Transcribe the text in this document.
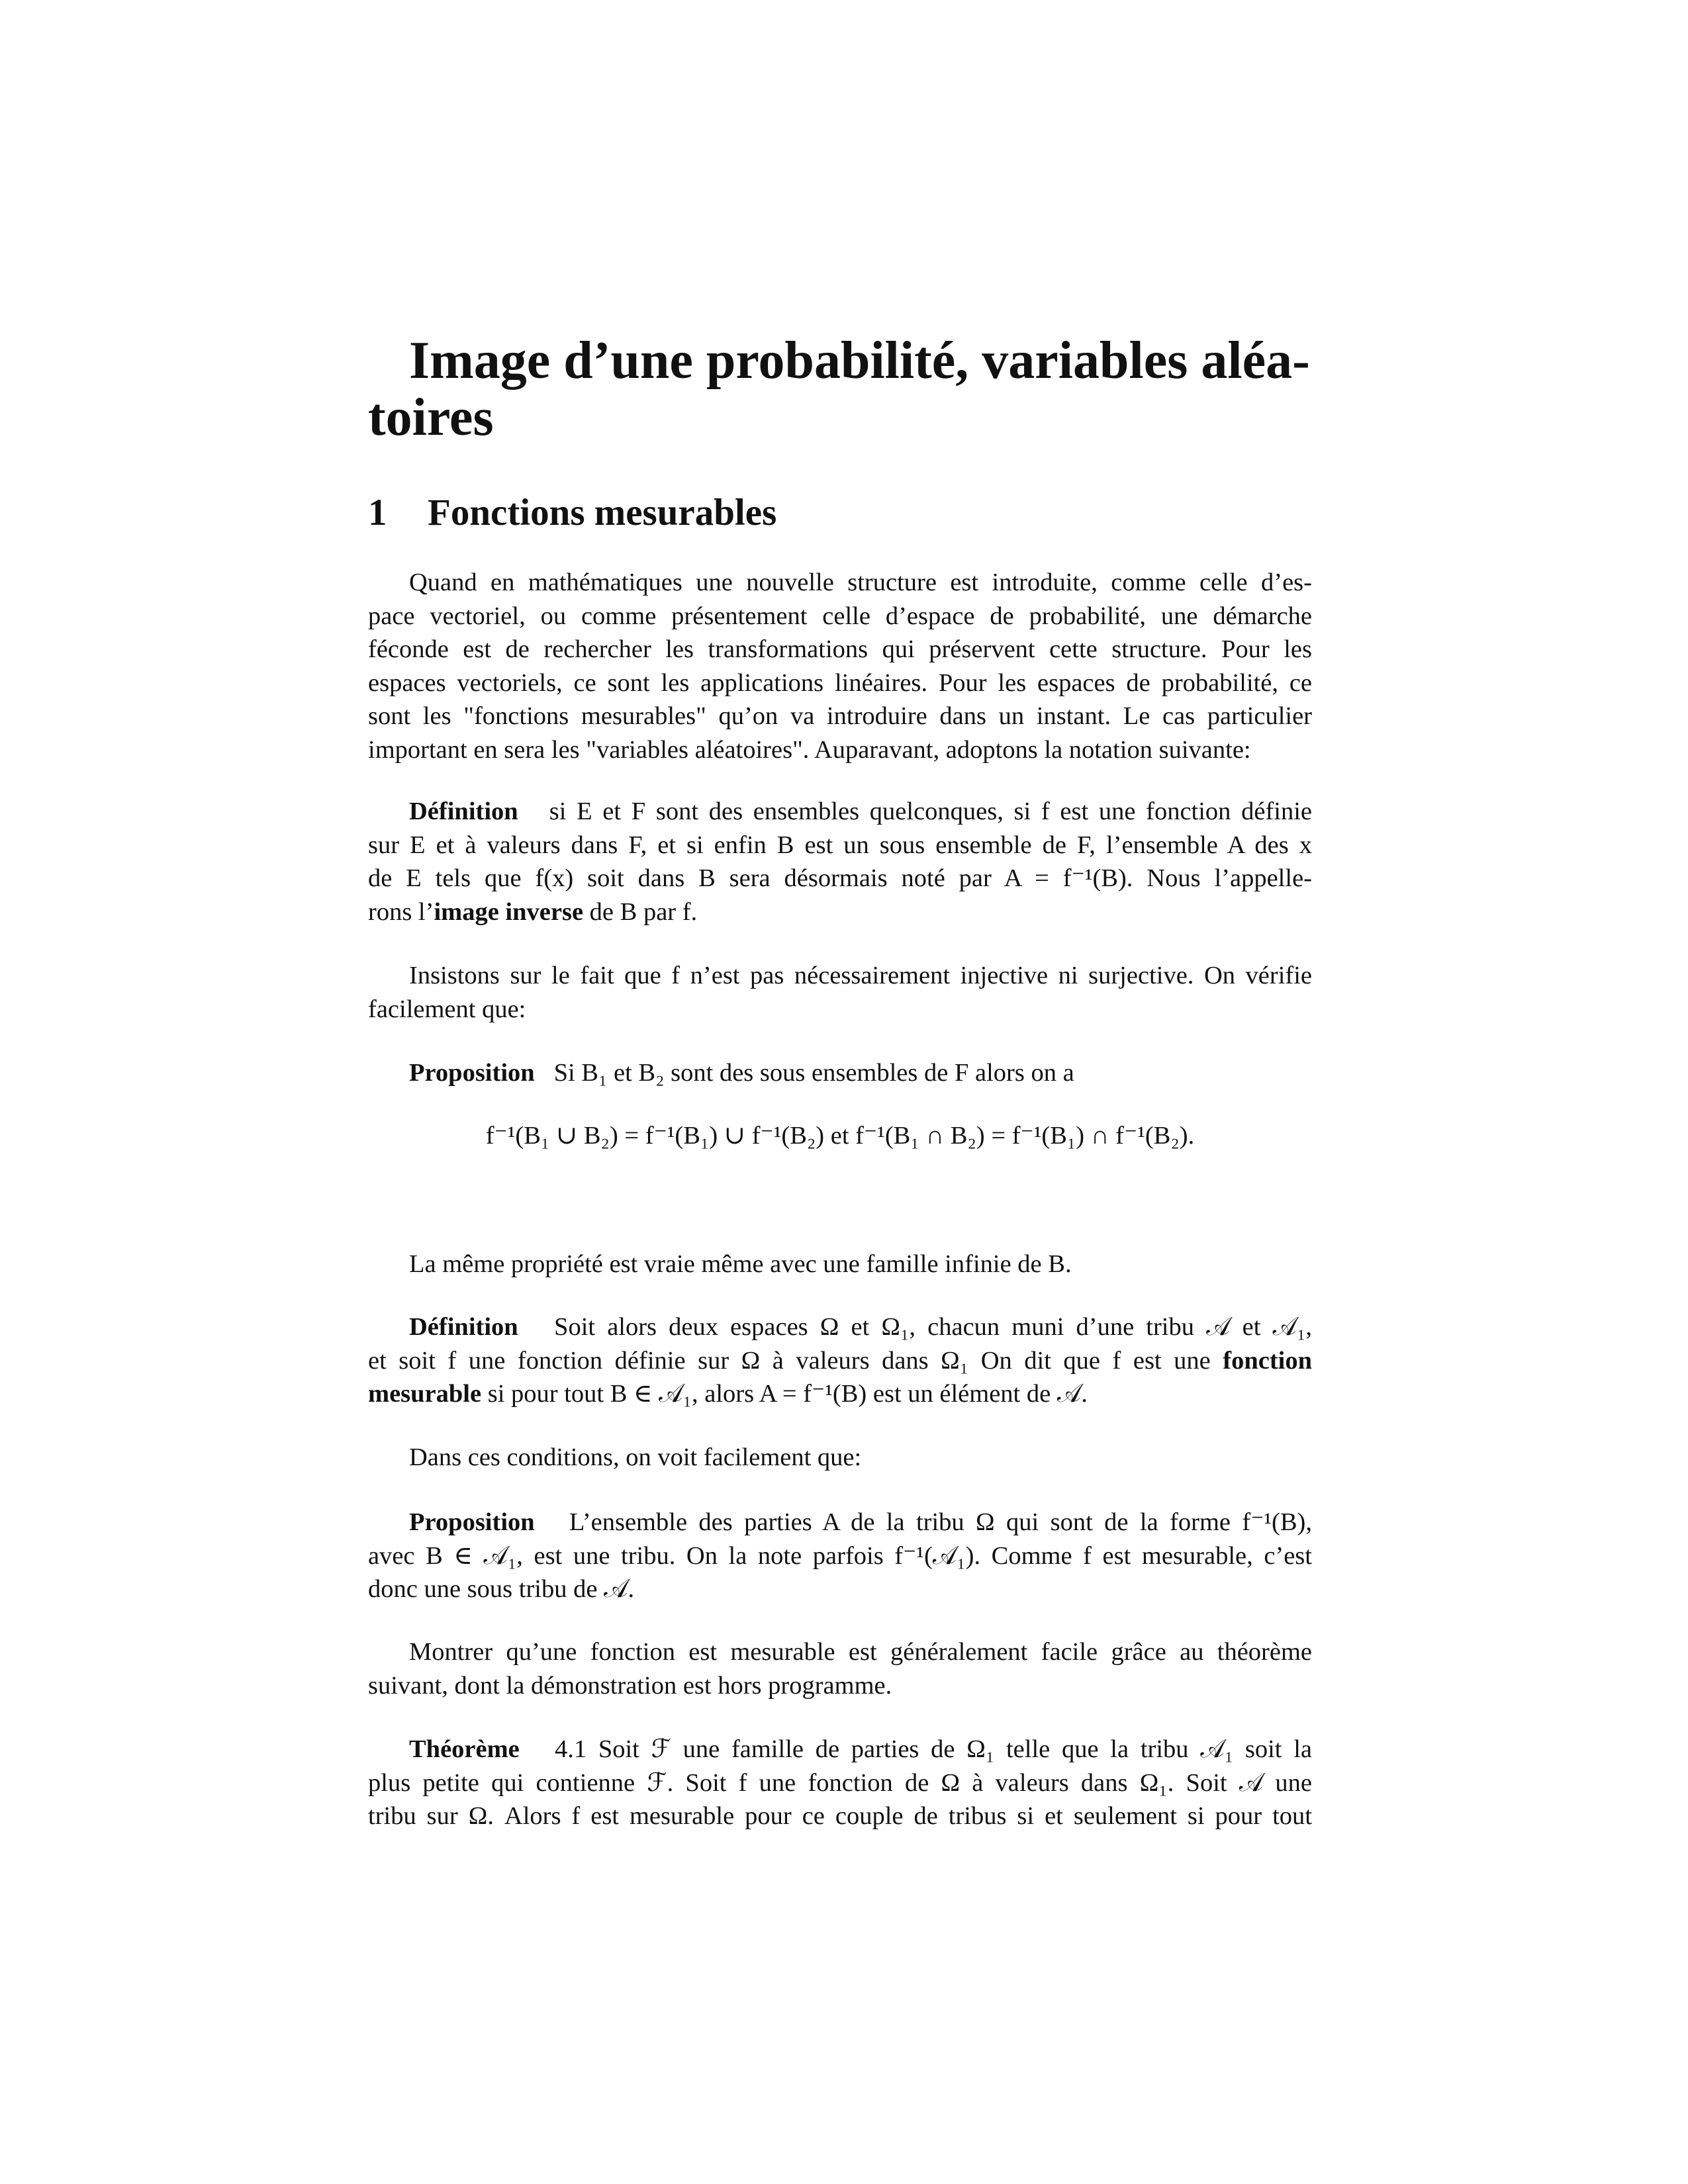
Image d’une probabilité, variables aléa-
toires
1 Fonctions mesurables
Quand en mathématiques une nouvelle structure est introduite, comme celle d’es-
pace vectoriel, ou comme présentement celle d’espace de probabilité, une démarche
féconde est de rechercher les transformations qui préservent cette structure. Pour les
espaces vectoriels, ce sont les applications linéaires. Pour les espaces de probabilité, ce
sont les "fonctions mesurables" qu’on va introduire dans un instant. Le cas particulier
important en sera les "variables aléatoires". Auparavant, adoptons la notation suivante:
Définition si E et F sont des ensembles quelconques, si f est une fonction définie
sur E et à valeurs dans F, et si enfin B est un sous ensemble de F, l’ensemble A des x
de E tels que f(x) soit dans B sera désormais noté par A = f⁻¹(B). Nous l’appelle-
rons l’image inverse de B par f.
Insistons sur le fait que f n’est pas nécessairement injective ni surjective. On vérifie
facilement que:
Proposition Si B₁ et B₂ sont des sous ensembles de F alors on a
f⁻¹(B₁ ∪ B₂) = f⁻¹(B₁) ∪ f⁻¹(B₂) et f⁻¹(B₁ ∩ B₂) = f⁻¹(B₁) ∩ f⁻¹(B₂).
La même propriété est vraie même avec une famille infinie de B.
Définition Soit alors deux espaces Ω et Ω₁, chacun muni d’une tribu 𝒜 et 𝒜₁,
et soit f une fonction définie sur Ω à valeurs dans Ω₁ On dit que f est une fonction
mesurable si pour tout B ∈ 𝒜₁, alors A = f⁻¹(B) est un élément de 𝒜.
Dans ces conditions, on voit facilement que:
Proposition L’ensemble des parties A de la tribu Ω qui sont de la forme f⁻¹(B),
avec B ∈ 𝒜₁, est une tribu. On la note parfois f⁻¹(𝒜₁). Comme f est mesurable, c’est
donc une sous tribu de 𝒜.
Montrer qu’une fonction est mesurable est généralement facile grâce au théorème
suivant, dont la démonstration est hors programme.
Théorème 4.1 Soit ℱ une famille de parties de Ω₁ telle que la tribu 𝒜₁ soit la
plus petite qui contienne ℱ. Soit f une fonction de Ω à valeurs dans Ω₁. Soit 𝒜 une
tribu sur Ω. Alors f est mesurable pour ce couple de tribus si et seulement si pour tout
